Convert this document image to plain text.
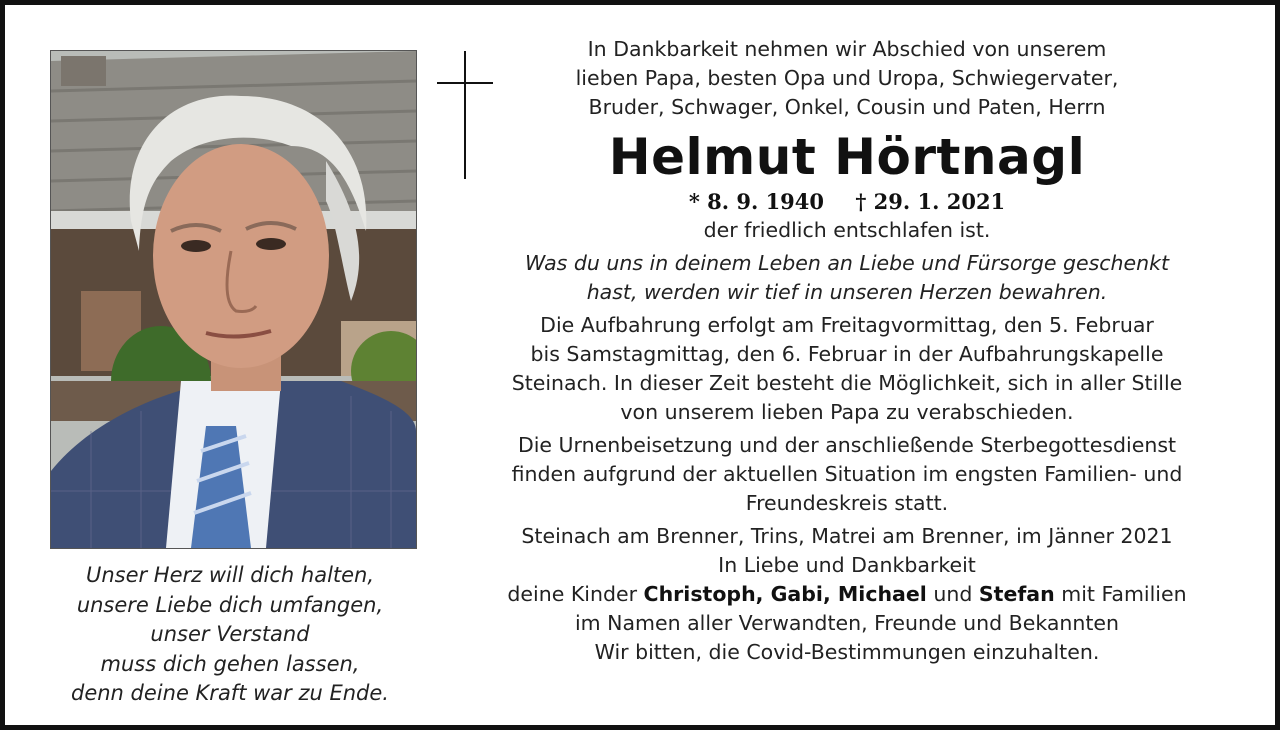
Unser Herz will dich halten,
unsere Liebe dich umfangen,
unser Verstand
muss dich gehen lassen,
denn deine Kraft war zu Ende.
In Dankbarkeit nehmen wir Abschied von unserem
lieben Papa, besten Opa und Uropa, Schwiegervater,
Bruder, Schwager, Onkel, Cousin und Paten, Herrn
Helmut Hörtnagl
* 8. 9. 1940 † 29. 1. 2021
der friedlich entschlafen ist.
Was du uns in deinem Leben an Liebe und Fürsorge geschenkt
hast, werden wir tief in unseren Herzen bewahren.
Die Aufbahrung erfolgt am Freitagvormittag, den 5. Februar
bis Samstagmittag, den 6. Februar in der Aufbahrungskapelle
Steinach. In dieser Zeit besteht die Möglichkeit, sich in aller Stille
von unserem lieben Papa zu verabschieden.
Die Urnenbeisetzung und der anschließende Sterbegottesdienst
finden aufgrund der aktuellen Situation im engsten Familien- und
Freundeskreis statt.
Steinach am Brenner, Trins, Matrei am Brenner, im Jänner 2021
In Liebe und Dankbarkeit
deine Kinder Christoph, Gabi, Michael und Stefan mit Familien
im Namen aller Verwandten, Freunde und Bekannten
Wir bitten, die Covid-Bestimmungen einzuhalten.
